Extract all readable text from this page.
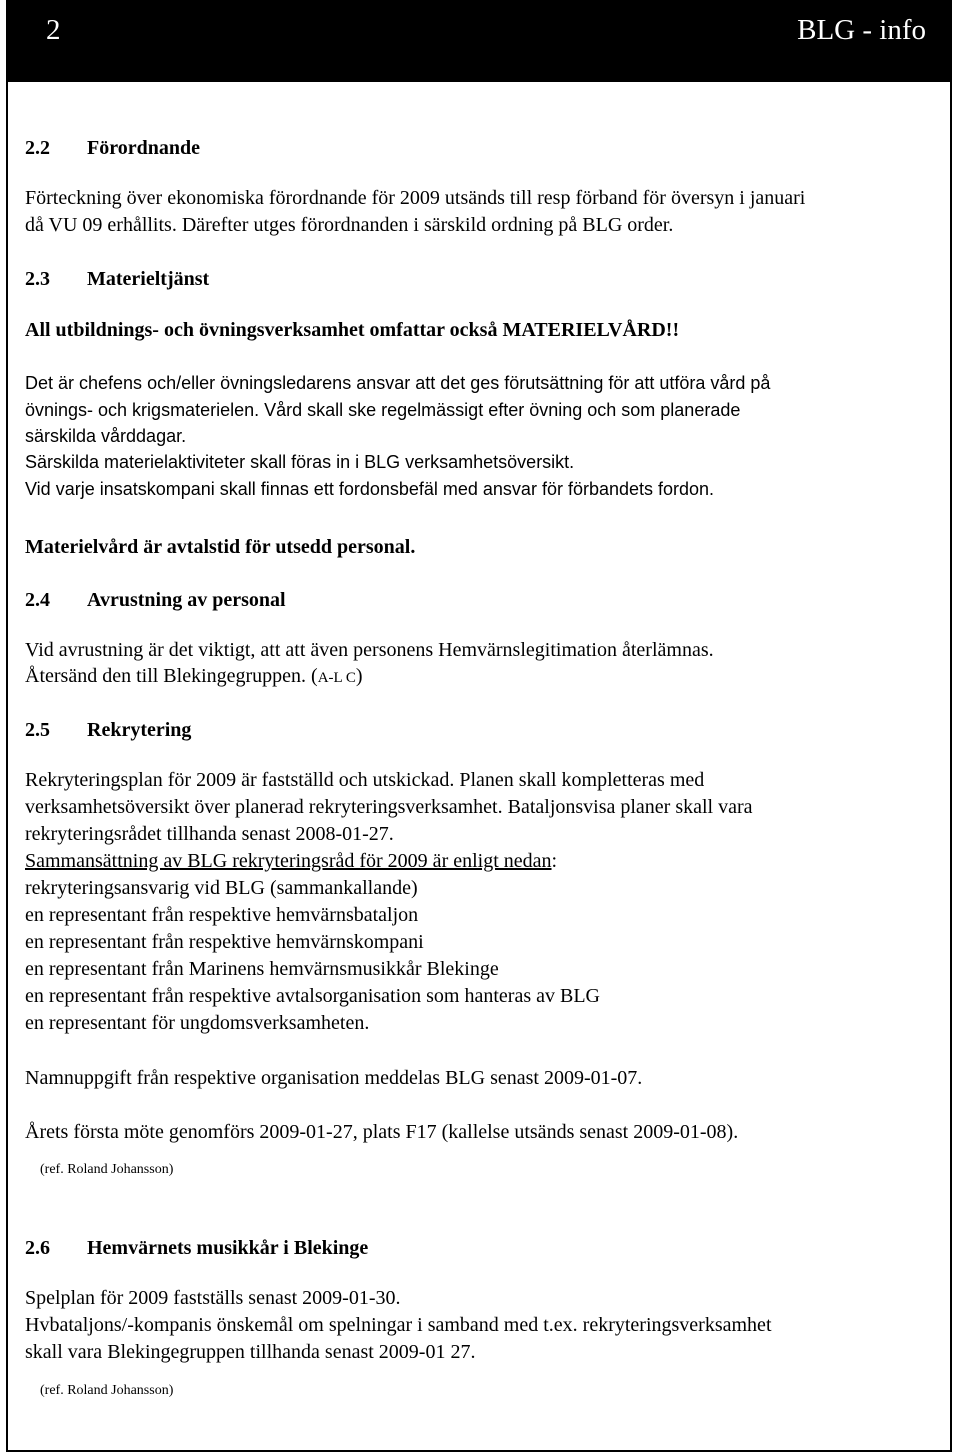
2	BLG - info
2.2 Förordnande
Förteckning över ekonomiska förordnande för 2009 utsänds till resp förband för översyn i januari
då VU 09 erhållits. Därefter utges förordnanden i särskild ordning på BLG order.
2.3 Materieltjänst
All utbildnings- och övningsverksamhet omfattar också MATERIELVÅRD!!
Det är chefens och/eller övningsledarens ansvar att det ges förutsättning för att utföra vård på
övnings- och krigsmaterielen. Vård skall ske regelmässigt efter övning och som planerade
särskilda vårddagar.
Särskilda materielaktiviteter skall föras in i BLG verksamhetsöversikt.
Vid varje insatskompani skall finnas ett fordonsbefäl med ansvar för förbandets fordon.
Materielvård är avtalstid för utsedd personal.
2.4 Avrustning av personal
Vid avrustning är det viktigt, att att även personens Hemvärnslegitimation återlämnas.
Återsänd den till Blekingegruppen. (A-L C)
2.5 Rekrytering
Rekryteringsplan för 2009 är fastställd och utskickad. Planen skall kompletteras med
verksamhetsöversikt över planerad rekryteringsverksamhet. Bataljonsvisa planer skall vara
rekryteringsrådet tillhanda senast 2008-01-27.
Sammansättning av BLG rekryteringsråd för 2009 är enligt nedan:
rekryteringsansvarig vid BLG (sammankallande)
en representant från respektive hemvärnsbataljon
en representant från respektive hemvärnskompani
en representant från Marinens hemvärnsmusikkår Blekinge
en representant från respektive avtalsorganisation som hanteras av BLG
en representant för ungdomsverksamheten.
Namnuppgift från respektive organisation meddelas BLG senast 2009-01-07.
Årets första möte genomförs 2009-01-27, plats F17 (kallelse utsänds senast 2009-01-08).
(ref. Roland Johansson)
2.6 Hemvärnets musikkår i Blekinge
Spelplan för 2009 fastställs senast 2009-01-30.
Hvbataljons/-kompanis önskemål om spelningar i samband med t.ex. rekryteringsverksamhet
skall vara Blekingegruppen tillhanda senast 2009-01 27.
(ref. Roland Johansson)
